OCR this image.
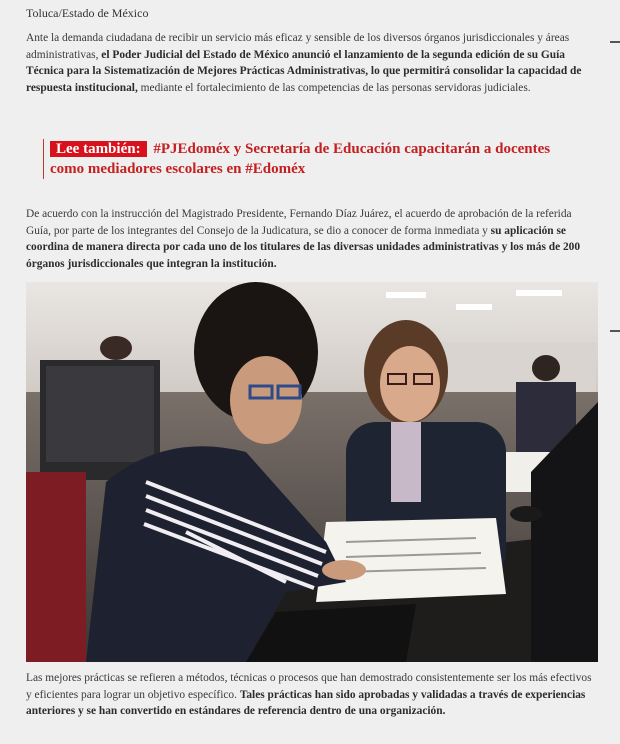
Toluca/Estado de México

Ante la demanda ciudadana de recibir un servicio más eficaz y sensible de los diversos órganos jurisdiccionales y áreas administrativas, el Poder Judicial del Estado de México anunció el lanzamiento de la segunda edición de su Guía Técnica para la Sistematización de Mejores Prácticas Administrativas, lo que permitirá consolidar la capacidad de respuesta institucional, mediante el fortalecimiento de las competencias de las personas servidoras judiciales.

Lee también: #PJEdoméx y Secretaría de Educación capacitarán a docentes como mediadores escolares en #Edoméx

De acuerdo con la instrucción del Magistrado Presidente, Fernando Díaz Juárez, el acuerdo de aprobación de la referida Guía, por parte de los integrantes del Consejo de la Judicatura, se dio a conocer de forma inmediata y su aplicación se coordina de manera directa por cada uno de los titulares de las diversas unidades administrativas y los más de 200 órganos jurisdiccionales que integran la institución.

Las mejores prácticas se refieren a métodos, técnicas o procesos que han demostrado consistentemente ser los más efectivos y eficientes para lograr un objetivo específico. Tales prácticas han sido aprobadas y validadas a través de experiencias anteriores y se han convertido en estándares de referencia dentro de una organización.
